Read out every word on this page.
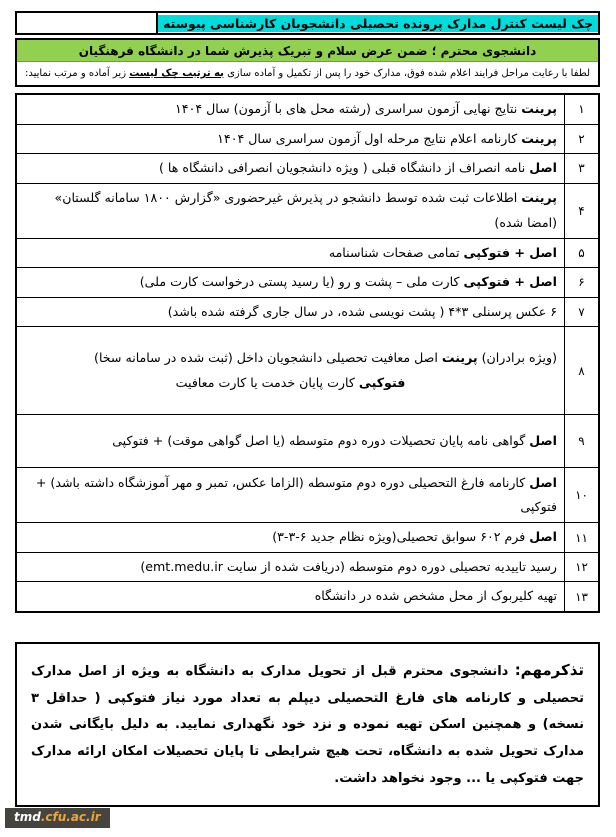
چک لیست کنترل مدارک پرونده تحصیلی دانشجویان کارشناسی پیوسته
دانشجوی محترم ؛ ضمن عرض سلام و تبریک پذیرش شما در دانشگاه فرهنگیان
لطفا با رعایت مراحل فرایند اعلام شده فوق، مدارک خود را پس از تکمیل و آماده سازی به ترتیب چک لیست زیر آماده و مرتب نمایید:
۱
پرینت نتایج نهایی آزمون سراسری (رشته محل های با آزمون) سال ۱۴۰۴
۲
پرینت کارنامه اعلام نتایج مرحله اول آزمون سراسری سال ۱۴۰۴
۳
اصل نامه انصراف از دانشگاه قبلی ( ویژه دانشجویان انصرافی دانشگاه ها )
۴
پرینت اطلاعات ثبت شده توسط دانشجو در پذیرش غیرحضوری «گزارش ۱۸۰۰ سامانه گلستان» (امضا شده)
۵
اصل + فتوکپی تمامی صفحات شناسنامه
۶
اصل + فتوکپی کارت ملی – پشت و رو (یا رسید پستی درخواست کارت ملی)
۷
۶ عکس پرسنلی ۳*۴ ( پشت نویسی شده، در سال جاری گرفته شده باشد)
۸
(ویژه برادران) پرینت اصل معافیت تحصیلی دانشجویان داخل (ثبت شده در سامانه سخا)
فتوکپی کارت پایان خدمت یا کارت معافیت
۹
اصل گواهی نامه پایان تحصیلات دوره دوم متوسطه (یا اصل گواهی موقت) + فتوکپی
۱۰
اصل کارنامه فارغ التحصیلی دوره دوم متوسطه (الزاما عکس، تمبر و مهر آموزشگاه داشته باشد) + فتوکپی
۱۱
اصل فرم ۶۰۲ سوابق تحصیلی(ویژه نظام جدید ۶-۳-۳)
۱۲
رسید تاییدیه تحصیلی دوره دوم متوسطه (دریافت شده از سایت emt.medu.ir)
۱۳
تهیه کلیربوک از محل مشخص شده در دانشگاه
تذکرمهم: دانشجوی محترم قبل از تحویل مدارک به دانشگاه به ویژه از اصل مدارک تحصیلی و کارنامه های فارغ التحصیلی دیپلم به تعداد مورد نیاز فتوکپی ( حداقل ۳ نسخه) و همچنین اسکن تهیه نموده و نزد خود نگهداری نمایید. به دلیل بایگانی شدن مدارک تحویل شده به دانشگاه، تحت هیچ شرایطی تا پایان تحصیلات امکان ارائه مدارک جهت فتوکپی یا ... وجود نخواهد داشت.
tmd.cfu.ac.ir
